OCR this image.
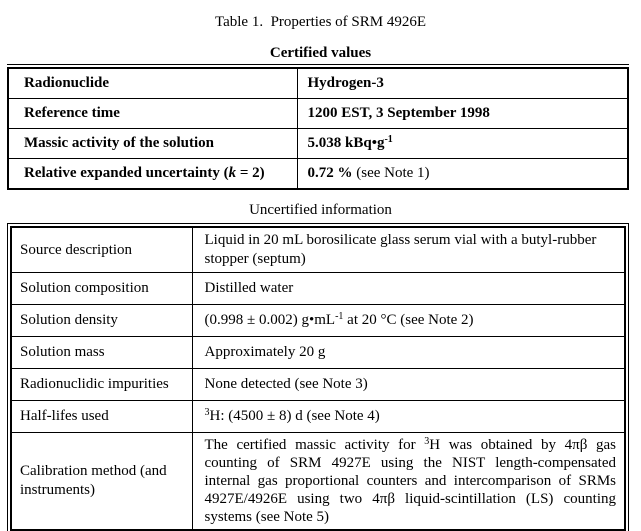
Table 1.  Properties of SRM 4926E
Certified values
Radionuclide	Hydrogen-3
Reference time	1200 EST, 3 September 1998
Massic activity of the solution	5.038 $kBq•g^{-1}$
Relative expanded uncertainty (k = 2)	0.72 % (see Note 1)
Uncertified information
Source description	Liquid in 20 mL borosilicate glass serum vial with a butyl-rubber
stopper (septum)
Solution composition	Distilled water
Solution density	(0.998 ± 0.002) $g•mL^{-1}$ at 20 °C (see Note 2)
Solution mass	Approximately 20 g
Radionuclidic impurities	None detected (see Note 3)
Half-lifes used	$^3$H: (4500 ± 8) d (see Note 4)
Calibration method (and instruments)	The certified massic activity for $^3$H was obtained by 4πβ gas counting of SRM 4927E using the NIST length-compensated internal gas proportional counters and intercomparison of SRMs 4927E/4926E using two 4πβ liquid-scintillation (LS) counting systems (see Note 5)
